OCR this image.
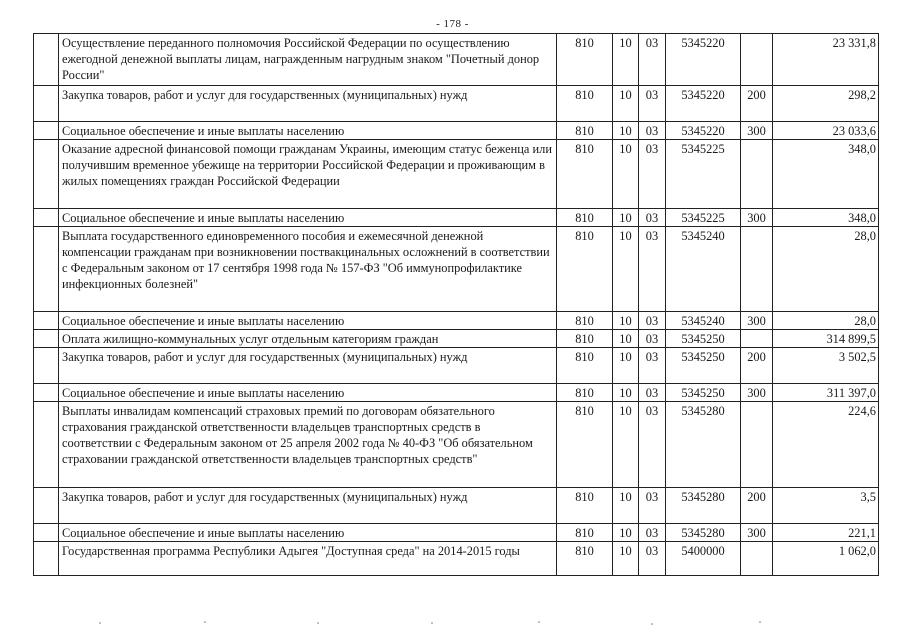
- 178 -
	Осуществление переданного полномочия Российской Федерации по осуществлению ежегодной денежной выплаты лицам, награжденным нагрудным знаком "Почетный донор России"	810	10	03	5345220		23 331,8
	Закупка товаров, работ и услуг для государственных (муниципальных) нужд	810	10	03	5345220	200	298,2
	Социальное обеспечение и иные выплаты населению	810	10	03	5345220	300	23 033,6
	Оказание адресной финансовой помощи гражданам Украины, имеющим статус беженца или получившим временное убежище на территории Российской Федерации и проживающим в жилых помещениях граждан Российской Федерации	810	10	03	5345225		348,0
	Социальное обеспечение и иные выплаты населению	810	10	03	5345225	300	348,0
	Выплата государственного единовременного пособия и ежемесячной денежной компенсации гражданам при возникновении поствакцинальных осложнений в соответствии с Федеральным законом от 17 сентября 1998 года № 157-ФЗ "Об иммунопрофилактике инфекционных болезней"	810	10	03	5345240		28,0
	Социальное обеспечение и иные выплаты населению	810	10	03	5345240	300	28,0
	Оплата жилищно-коммунальных услуг отдельным категориям граждан	810	10	03	5345250		314 899,5
	Закупка товаров, работ и услуг для государственных (муниципальных) нужд	810	10	03	5345250	200	3 502,5
	Социальное обеспечение и иные выплаты населению	810	10	03	5345250	300	311 397,0
	Выплаты инвалидам компенсаций страховых премий по договорам обязательного страхования гражданской ответственности владельцев транспортных средств в соответствии с Федеральным законом от 25 апреля 2002 года № 40-ФЗ "Об обязательном страховании гражданской ответственности владельцев транспортных средств"	810	10	03	5345280		224,6
	Закупка товаров, работ и услуг для государственных (муниципальных) нужд	810	10	03	5345280	200	3,5
	Социальное обеспечение и иные выплаты населению	810	10	03	5345280	300	221,1
	Государственная программа Республики Адыгея "Доступная среда" на 2014-2015 годы	810	10	03	5400000		1 062,0
